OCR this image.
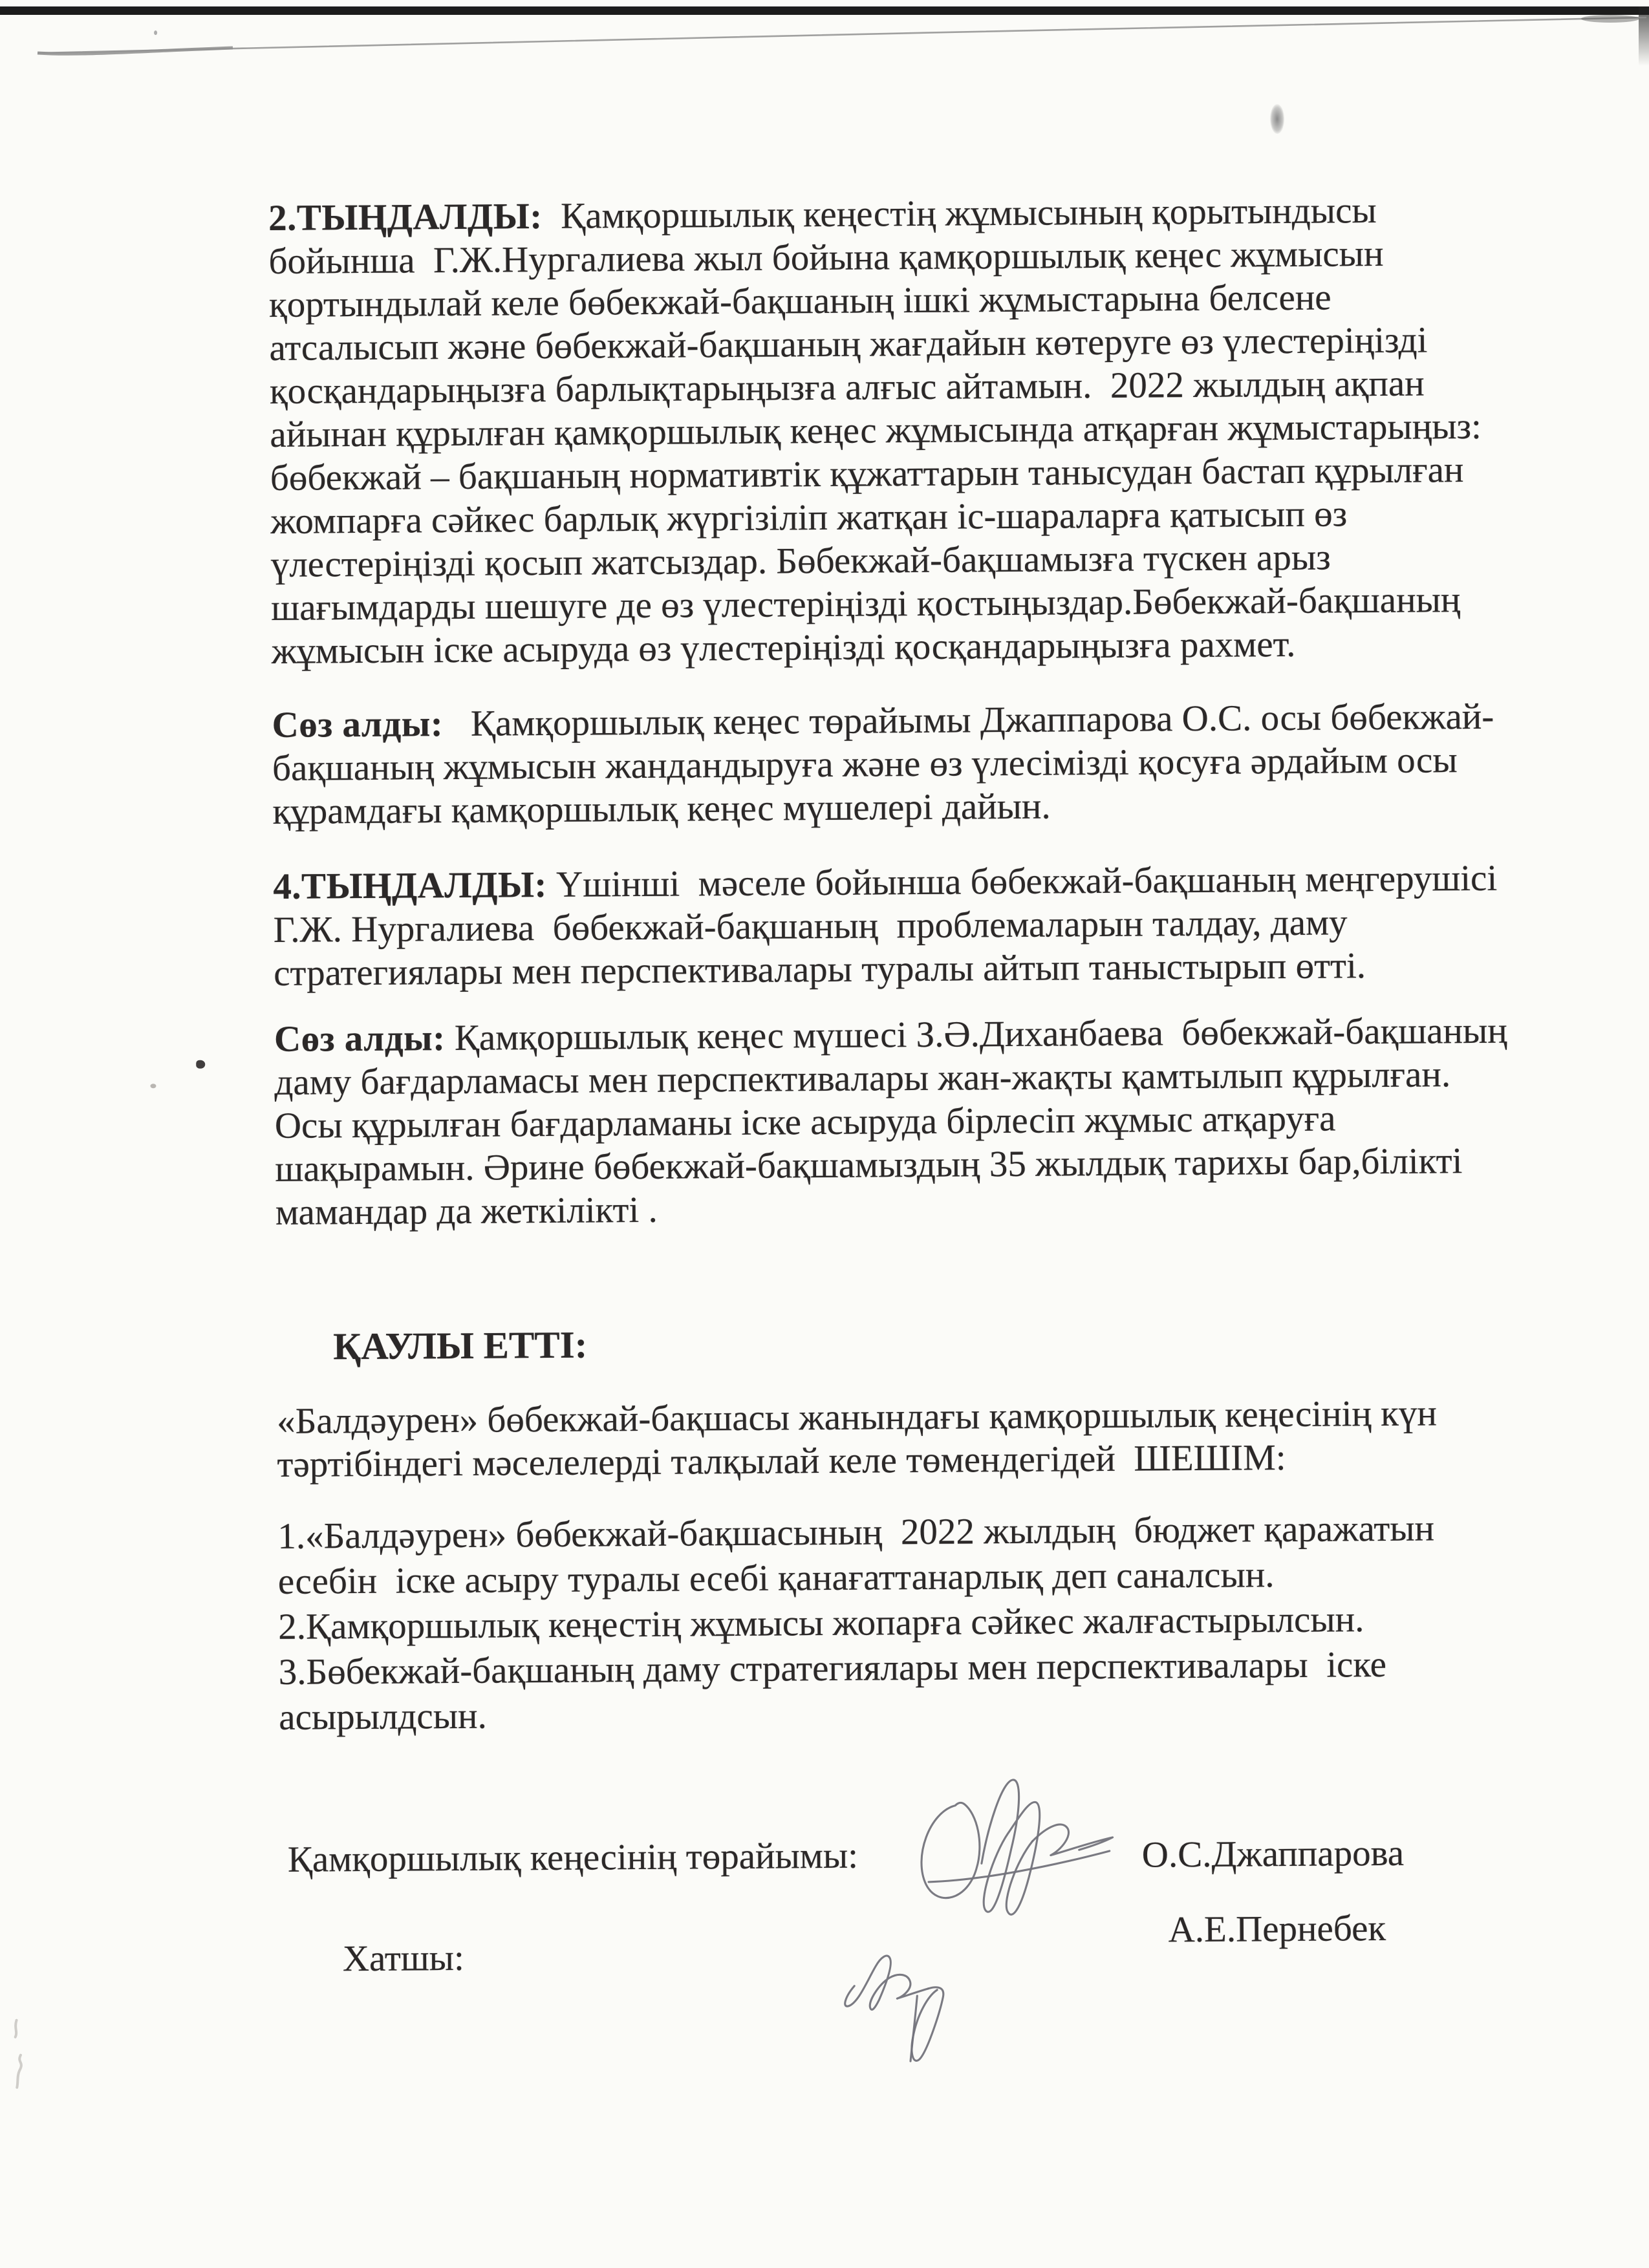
2.ТЫҢДАЛДЫ:  Қамқоршылық кеңестің жұмысының қорытындысы
бойынша  Г.Ж.Нургалиева жыл бойына қамқоршылық кеңес жұмысын
қортындылай келе бөбекжай-бақшаның ішкі жұмыстарына белсене
атсалысып және бөбекжай-бақшаның жағдайын көтеруге өз үлестеріңізді
қосқандарыңызға барлықтарыңызға алғыс айтамын.  2022 жылдың ақпан
айынан құрылған қамқоршылық кеңес жұмысында атқарған жұмыстарыңыз:
бөбекжай – бақшаның нормативтік құжаттарын танысудан бастап құрылған
жомпарға сәйкес барлық жүргізіліп жатқан іс-шараларға қатысып өз
үлестеріңізді қосып жатсыздар. Бөбекжай-бақшамызға түскен арыз
шағымдарды шешуге де өз үлестеріңізді қостыңыздар.Бөбекжай-бақшаның
жұмысын іске асыруда өз үлестеріңізді қосқандарыңызға рахмет.
Сөз алды:   Қамқоршылық кеңес төрайымы Джаппарова О.С. осы бөбекжай-
бақшаның жұмысын жандандыруға және өз үлесімізді қосуға әрдайым осы
құрамдағы қамқоршылық кеңес мүшелері дайын.
4.ТЫҢДАЛДЫ: Үшінші  мәселе бойынша бөбекжай-бақшаның меңгерушісі
Г.Ж. Нургалиева  бөбекжай-бақшаның  проблемаларын талдау, даму
стратегиялары мен перспективалары туралы айтып таныстырып өтті.
Сөз алды: Қамқоршылық кеңес мүшесі З.Ә.Диханбаева  бөбекжай-бақшаның
даму бағдарламасы мен перспективалары жан-жақты қамтылып құрылған.
Осы құрылған бағдарламаны іске асыруда бірлесіп жұмыс атқаруға
шақырамын. Әрине бөбекжай-бақшамыздың 35 жылдық тарихы бар,білікті
мамандар да жеткілікті .
ҚАУЛЫ ЕТТІ:
«Балдәурен» бөбекжай-бақшасы жанындағы қамқоршылық кеңесінің күн
тәртібіндегі мәселелерді талқылай келе төмендегідей  ШЕШІМ:
1.«Балдәурен» бөбекжай-бақшасының  2022 жылдың  бюджет қаражатын
есебін  іске асыру туралы есебі қанағаттанарлық деп саналсын.
2.Қамқоршылық кеңестің жұмысы жопарға сәйкес жалғастырылсын.
3.Бөбекжай-бақшаның даму стратегиялары мен перспективалары  іске
асырылдсын.
Қамқоршылық кеңесінің төрайымы:	О.С.Джаппарова
Хатшы:
А.Е.Пернебек
